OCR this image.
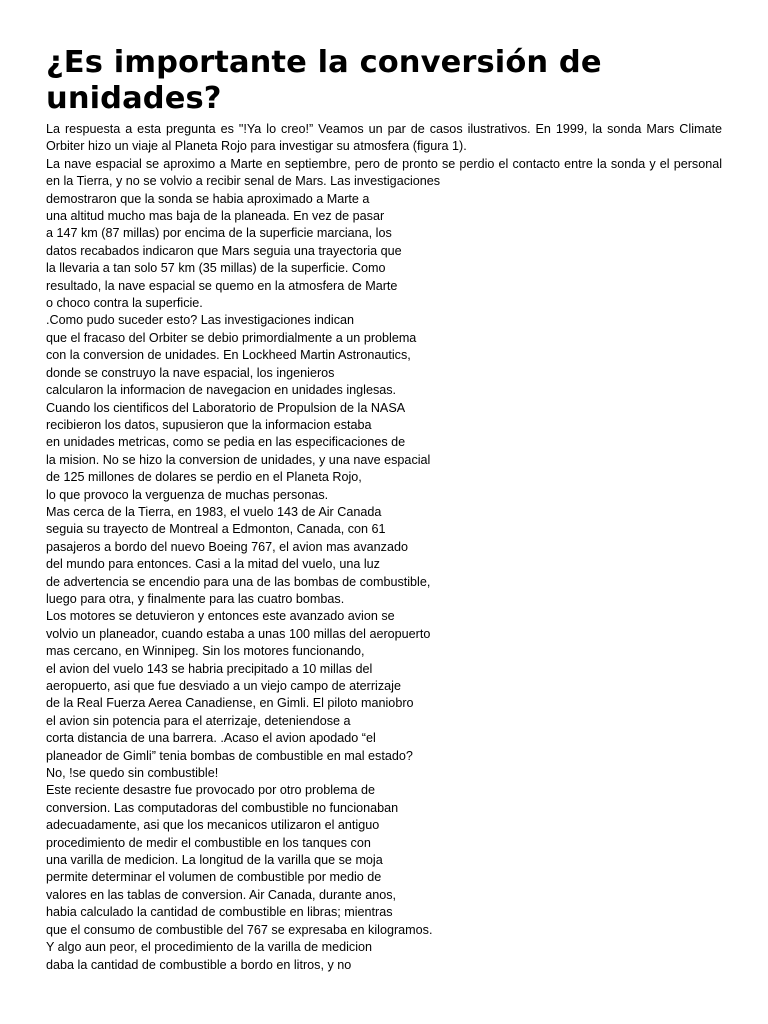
¿Es importante la conversión de
unidades?
La respuesta a esta pregunta es "!Ya lo creo!” Veamos un par de casos ilustrativos. En 1999, la sonda Mars Climate
Orbiter hizo un viaje al Planeta Rojo para investigar su atmosfera (figura 1).
La nave espacial se aproximo a Marte en septiembre, pero de pronto se perdio el contacto entre la sonda y el personal
en la Tierra, y no se volvio a recibir senal de Mars. Las investigaciones
demostraron que la sonda se habia aproximado a Marte a
una altitud mucho mas baja de la planeada. En vez de pasar
a 147 km (87 millas) por encima de la superficie marciana, los
datos recabados indicaron que Mars seguia una trayectoria que
la llevaria a tan solo 57 km (35 millas) de la superficie. Como
resultado, la nave espacial se quemo en la atmosfera de Marte
o choco contra la superficie.
.Como pudo suceder esto? Las investigaciones indican
que el fracaso del Orbiter se debio primordialmente a un problema
con la conversion de unidades. En Lockheed Martin Astronautics,
donde se construyo la nave espacial, los ingenieros
calcularon la informacion de navegacion en unidades inglesas.
Cuando los cientificos del Laboratorio de Propulsion de la NASA
recibieron los datos, supusieron que la informacion estaba
en unidades metricas, como se pedia en las especificaciones de
la mision. No se hizo la conversion de unidades, y una nave espacial
de 125 millones de dolares se perdio en el Planeta Rojo,
lo que provoco la verguenza de muchas personas.
Mas cerca de la Tierra, en 1983, el vuelo 143 de Air Canada
seguia su trayecto de Montreal a Edmonton, Canada, con 61
pasajeros a bordo del nuevo Boeing 767, el avion mas avanzado
del mundo para entonces. Casi a la mitad del vuelo, una luz
de advertencia se encendio para una de las bombas de combustible,
luego para otra, y finalmente para las cuatro bombas.
Los motores se detuvieron y entonces este avanzado avion se
volvio un planeador, cuando estaba a unas 100 millas del aeropuerto
mas cercano, en Winnipeg. Sin los motores funcionando,
el avion del vuelo 143 se habria precipitado a 10 millas del
aeropuerto, asi que fue desviado a un viejo campo de aterrizaje
de la Real Fuerza Aerea Canadiense, en Gimli. El piloto maniobro
el avion sin potencia para el aterrizaje, deteniendose a
corta distancia de una barrera. .Acaso el avion apodado “el
planeador de Gimli” tenia bombas de combustible en mal estado?
No, !se quedo sin combustible!
Este reciente desastre fue provocado por otro problema de
conversion. Las computadoras del combustible no funcionaban
adecuadamente, asi que los mecanicos utilizaron el antiguo
procedimiento de medir el combustible en los tanques con
una varilla de medicion. La longitud de la varilla que se moja
permite determinar el volumen de combustible por medio de
valores en las tablas de conversion. Air Canada, durante anos,
habia calculado la cantidad de combustible en libras; mientras
que el consumo de combustible del 767 se expresaba en kilogramos.
Y algo aun peor, el procedimiento de la varilla de medicion
daba la cantidad de combustible a bordo en litros, y no
